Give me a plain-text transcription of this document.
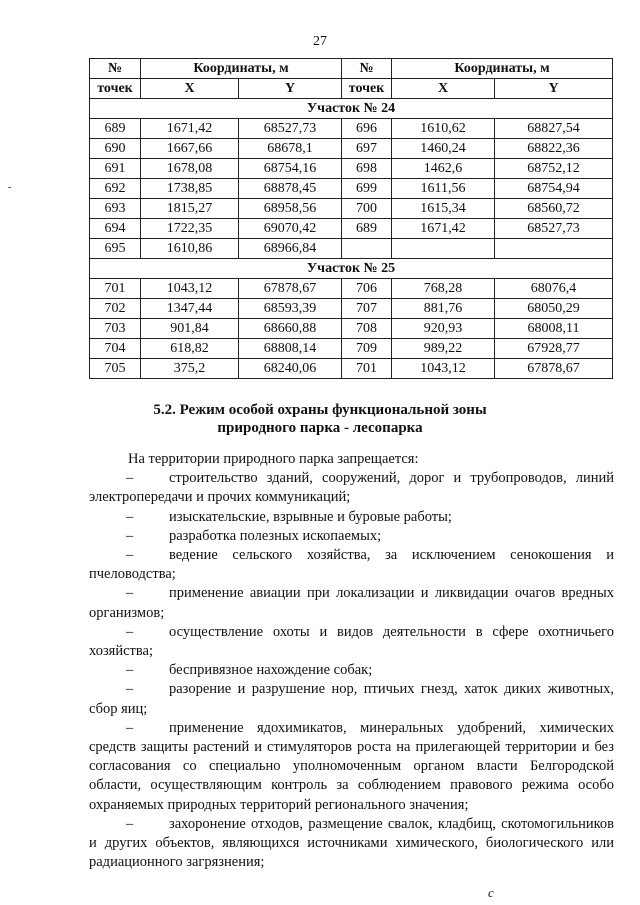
27
-
№	Координаты, м		№	Координаты, м	
точек	X	Y	точек	X	Y
Участок № 24					
689	1671,42	68527,73	696	1610,62	68827,54
690	1667,66	68678,1	697	1460,24	68822,36
691	1678,08	68754,16	698	1462,6	68752,12
692	1738,85	68878,45	699	1611,56	68754,94
693	1815,27	68958,56	700	1615,34	68560,72
694	1722,35	69070,42	689	1671,42	68527,73
695	1610,86	68966,84			
Участок № 25					
701	1043,12	67878,67	706	768,28	68076,4
702	1347,44	68593,39	707	881,76	68050,29
703	901,84	68660,88	708	920,93	68008,11
704	618,82	68808,14	709	989,22	67928,77
705	375,2	68240,06	701	1043,12	67878,67
5.2. Режим особой охраны функциональной зоны
природного парка - лесопарка

На территории природного парка запрещается:

– строительство зданий, сооружений, дорог и трубопроводов, линий электропередачи и прочих коммуникаций;

– изыскательские, взрывные и буровые работы;

– разработка полезных ископаемых;

– ведение сельского хозяйства, за исключением сенокошения и пчеловодства;

– применение авиации при локализации и ликвидации очагов вредных организмов;

– осуществление охоты и видов деятельности в сфере охотничьего хозяйства;

– беспривязное нахождение собак;

– разорение и разрушение нор, птичьих гнезд, хаток диких животных, сбор яиц;

– применение ядохимикатов, минеральных удобрений, химических средств защиты растений и стимуляторов роста на прилегающей территории и без согласования со специально уполномоченным органом власти Белгородской области, осуществляющим контроль за соблюдением правового режима особо охраняемых природных территорий регионального значения;

– захоронение отходов, размещение свалок, кладбищ, скотомогильников и других объектов, являющихся источниками химического, биологического или радиационного загрязнения;

с
